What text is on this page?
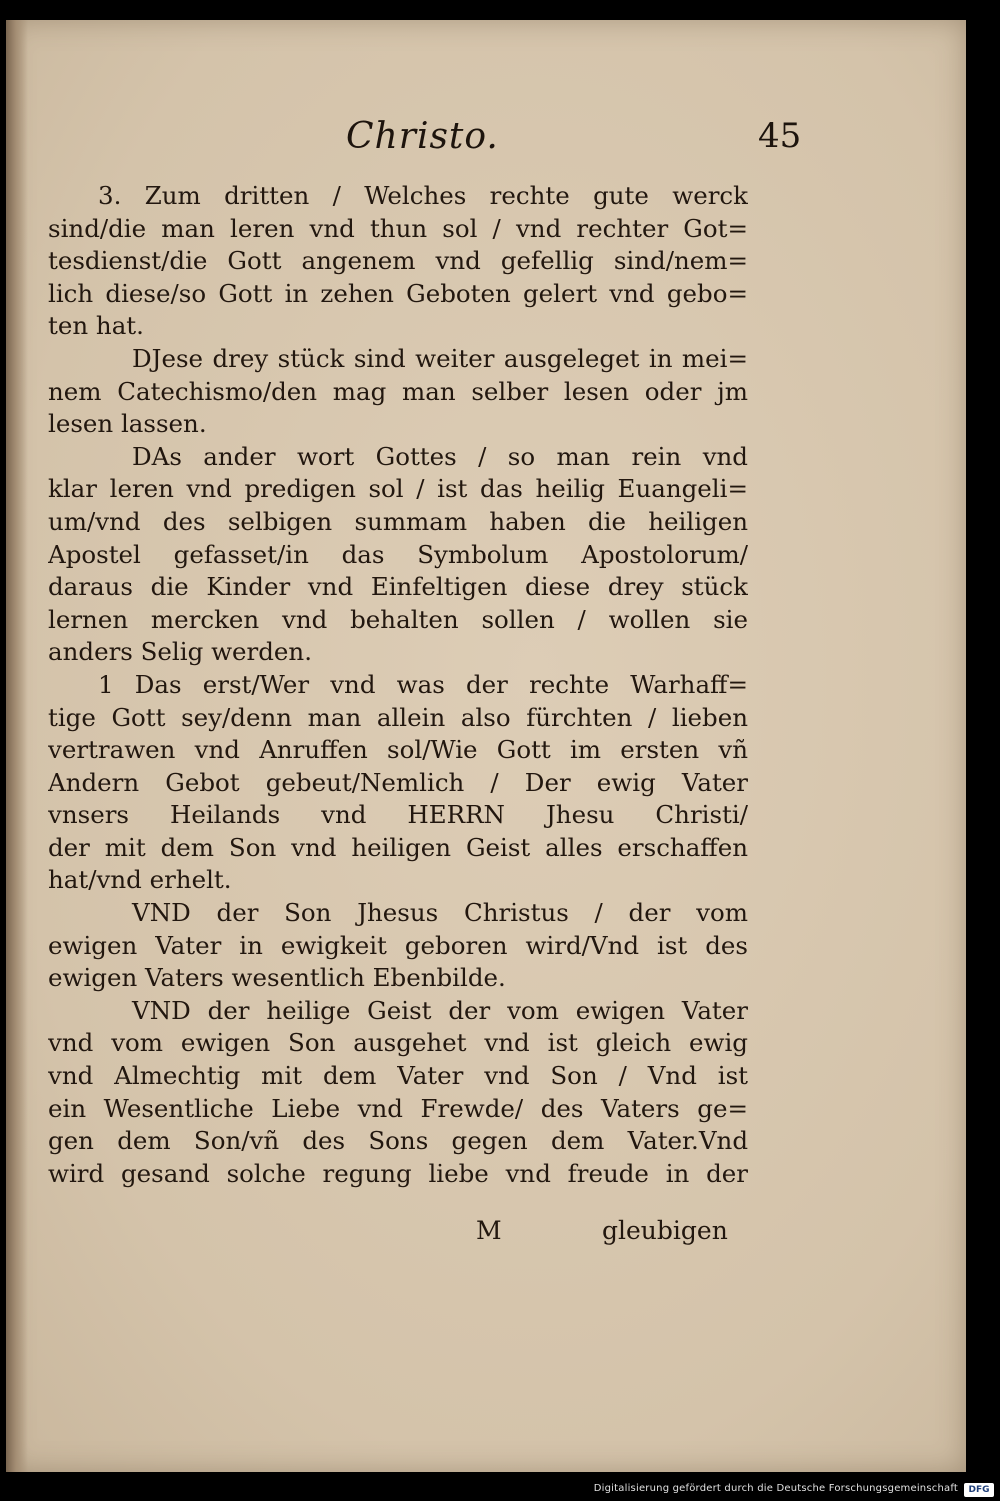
Christo.	45
3. Zum dritten / Welches rechte gute werck
sind/die man leren vnd thun sol / vnd rechter Got=
tesdienst/die Gott angenem vnd gefellig sind/nem=
lich diese/so Gott in zehen Geboten gelert vnd gebo=
ten hat.
DJese drey stück sind weiter ausgeleget in mei=
nem Catechismo/den mag man selber lesen oder jm
lesen lassen.
DAs ander wort Gottes / so man rein vnd
klar leren vnd predigen sol / ist das heilig Euangeli=
um/vnd des selbigen summam haben die heiligen
Apostel gefasset/in das Symbolum Apostolorum/
daraus die Kinder vnd Einfeltigen diese drey stück
lernen mercken vnd behalten sollen / wollen sie
anders Selig werden.
1 Das erst/Wer vnd was der rechte Warhaff=
tige Gott sey/denn man allein also fürchten / lieben
vertrawen vnd Anruffen sol/Wie Gott im ersten vñ
Andern Gebot gebeut/Nemlich / Der ewig Vater
vnsers Heilands vnd HERRN Jhesu Christi/
der mit dem Son vnd heiligen Geist alles erschaffen
hat/vnd erhelt.
VND der Son Jhesus Christus / der vom
ewigen Vater in ewigkeit geboren wird/Vnd ist des
ewigen Vaters wesentlich Ebenbilde.
VND der heilige Geist der vom ewigen Vater
vnd vom ewigen Son ausgehet vnd ist gleich ewig
vnd Almechtig mit dem Vater vnd Son / Vnd ist
ein Wesentliche Liebe vnd Frewde/ des Vaters ge=
gen dem Son/vñ des Sons gegen dem Vater.Vnd
wird gesand solche regung liebe vnd freude in der
M	gleubigen
Digitalisierung gefördert durch die Deutsche Forschungsgemeinschaft	DFG
